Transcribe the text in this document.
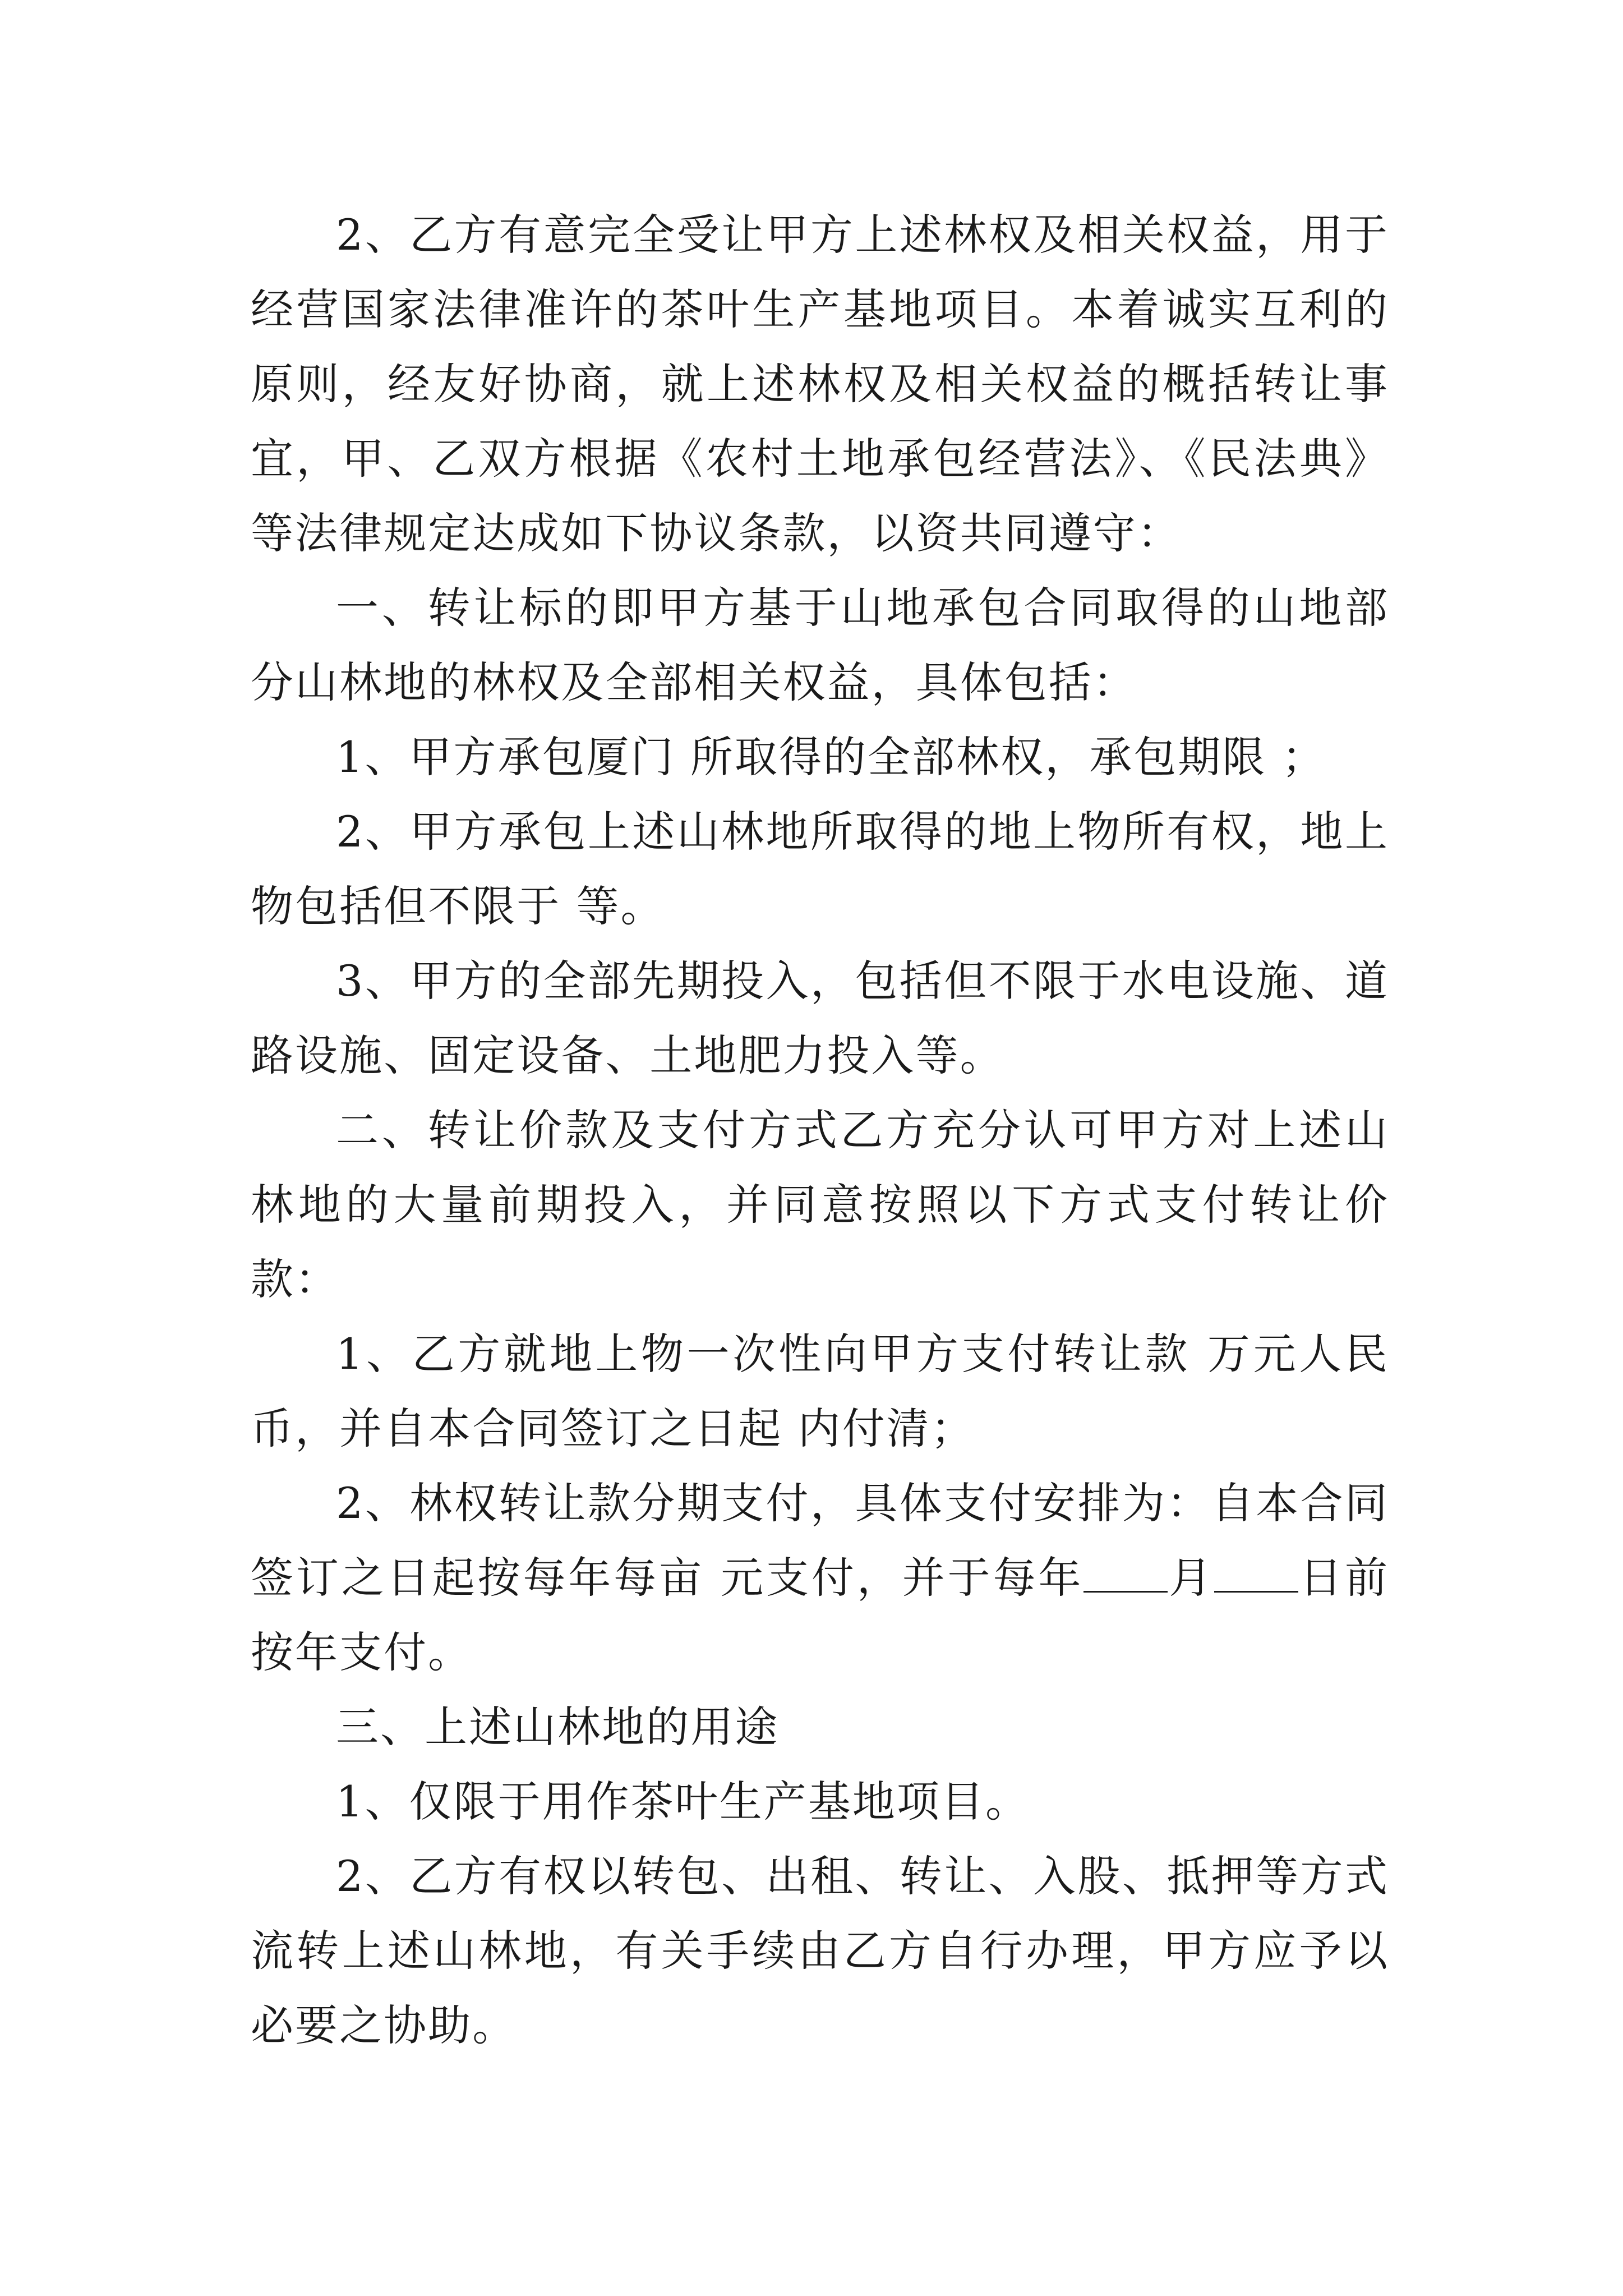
2、乙方有意完全受让甲方上述林权及相关权益，用于经营国家法律准许的茶叶生产基地项目。本着诚实互利的原则，经友好协商，就上述林权及相关权益的概括转让事宜，甲、乙双方根据《农村土地承包经营法》、《民法典》等法律规定达成如下协议条款，以资共同遵守：

一、转让标的即甲方基于山地承包合同取得的山地部分山林地的林权及全部相关权益，具体包括：

1、甲方承包厦门 所取得的全部林权，承包期限 ；

2、甲方承包上述山林地所取得的地上物所有权，地上物包括但不限于 等。

3、甲方的全部先期投入，包括但不限于水电设施、道路设施、固定设备、土地肥力投入等。

二、转让价款及支付方式乙方充分认可甲方对上述山林地的大量前期投入，并同意按照以下方式支付转让价款：

1、乙方就地上物一次性向甲方支付转让款 万元人民币，并自本合同签订之日起 内付清；

2、林权转让款分期支付，具体支付安排为：自本合同签订之日起按每年每亩 元支付，并于每年 月 日前按年支付。

三、上述山林地的用途

1、仅限于用作茶叶生产基地项目。

2、乙方有权以转包、出租、转让、入股、抵押等方式流转上述山林地，有关手续由乙方自行办理，甲方应予以必要之协助。
